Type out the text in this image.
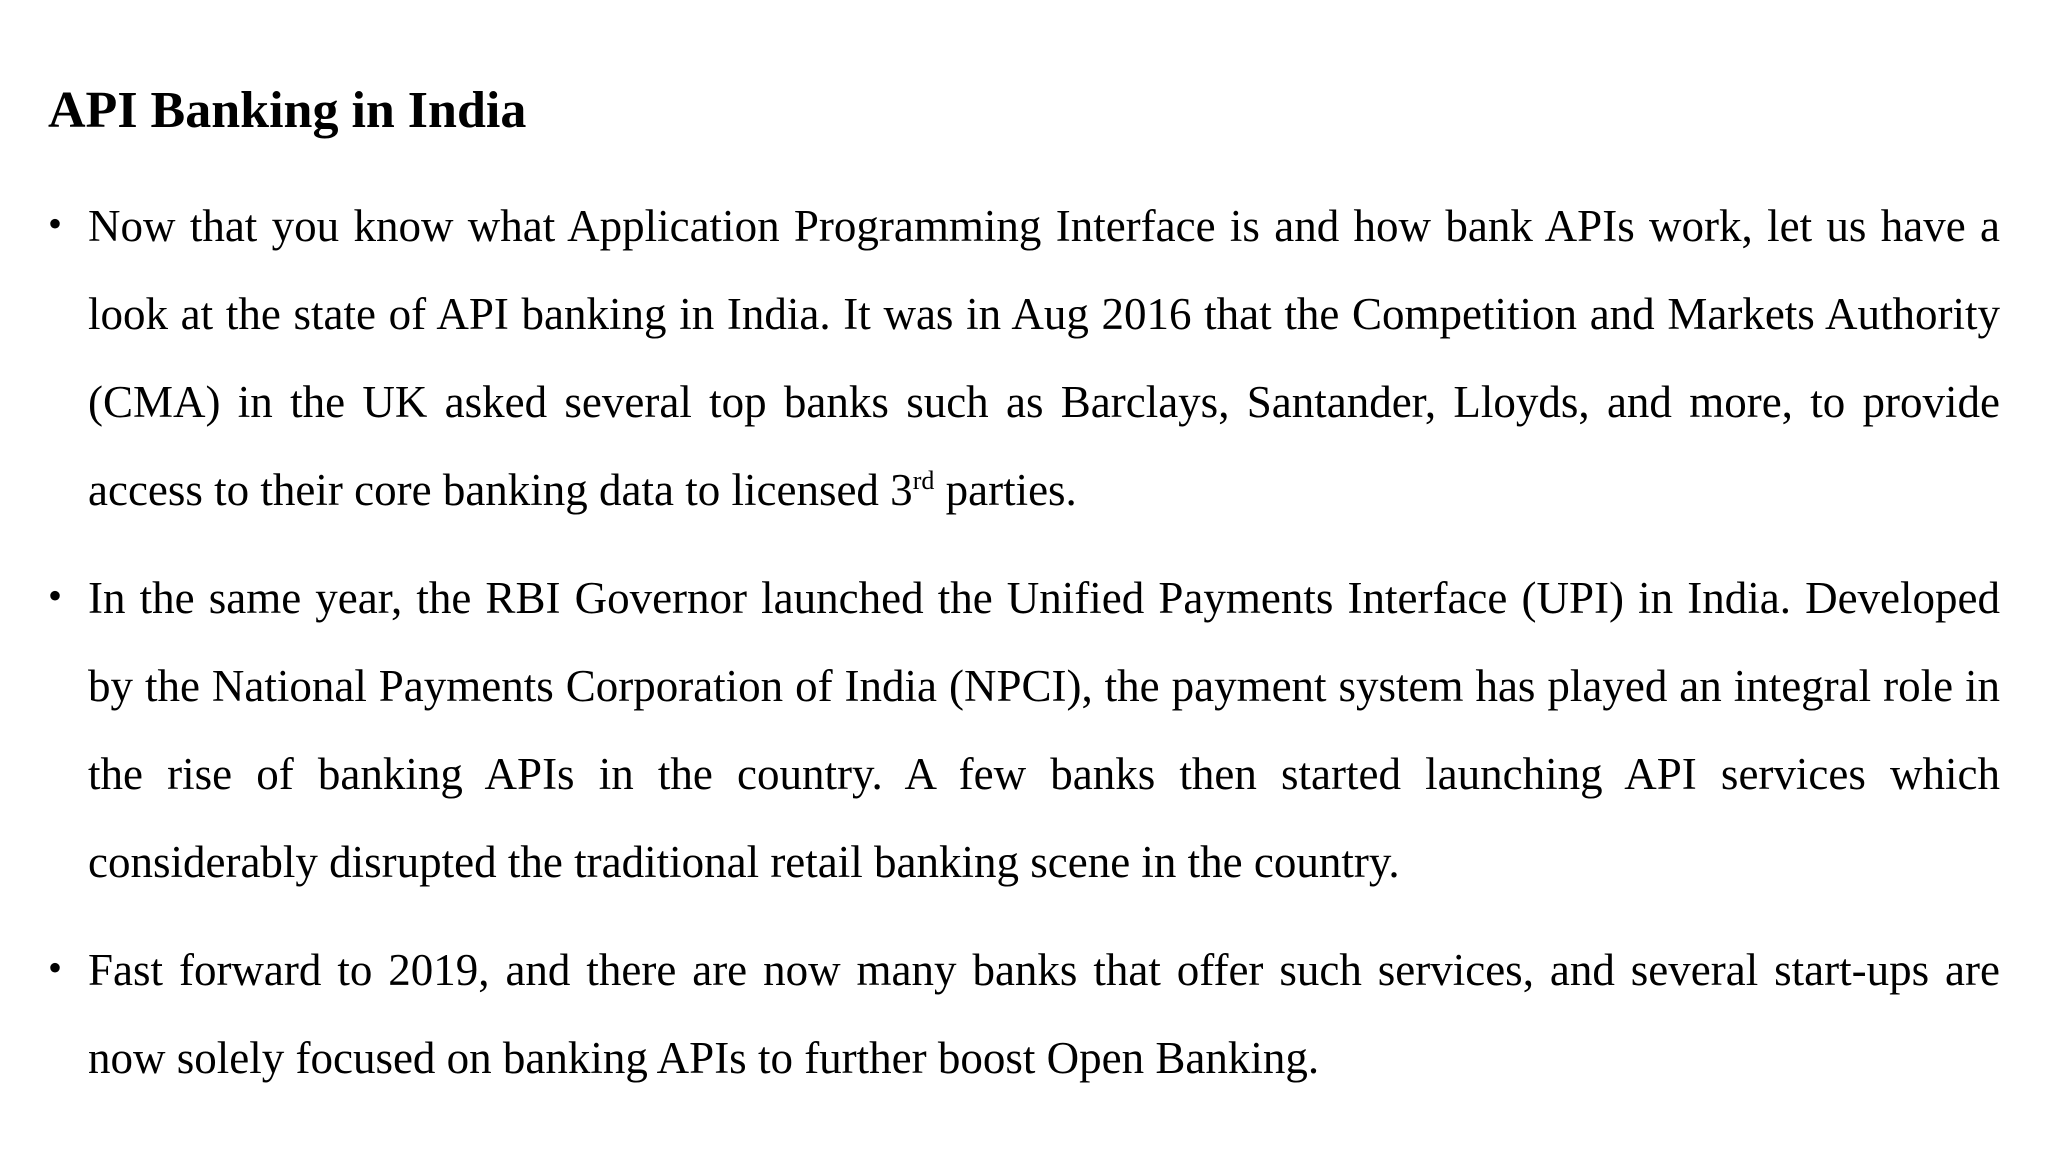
API Banking in India
• Now that you know what Application Programming Interface is and how bank APIs work, let us have a look at the state of API banking in India. It was in Aug 2016 that the Competition and Markets Authority (CMA) in the UK asked several top banks such as Barclays, Santander, Lloyds, and more, to provide access to their core banking data to licensed 3rd parties.
• In the same year, the RBI Governor launched the Unified Payments Interface (UPI) in India. Developed by the National Payments Corporation of India (NPCI), the payment system has played an integral role in the rise of banking APIs in the country. A few banks then started launching API services which considerably disrupted the traditional retail banking scene in the country.
• Fast forward to 2019, and there are now many banks that offer such services, and several start-ups are now solely focused on banking APIs to further boost Open Banking.
